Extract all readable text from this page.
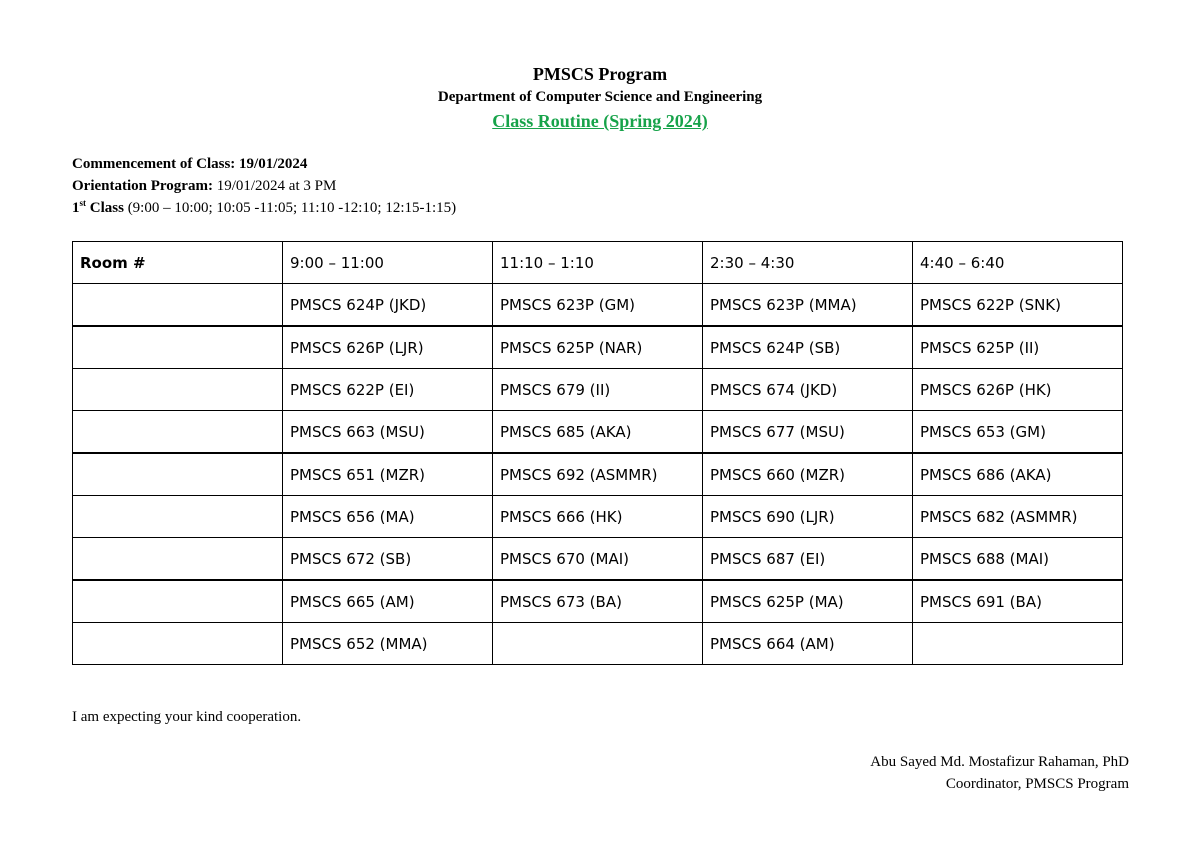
PMSCS Program
Department of Computer Science and Engineering
Class Routine (Spring 2024)
Commencement of Class: 19/01/2024
Orientation Program: 19/01/2024 at 3 PM
1st Class (9:00 – 10:00; 10:05 -11:05; 11:10 -12:10; 12:15-1:15)
Room #	9:00 – 11:00	11:10 – 1:10	2:30 – 4:30	4:40 – 6:40
	PMSCS 624P (JKD)	PMSCS 623P (GM)	PMSCS 623P (MMA)	PMSCS 622P (SNK)
	PMSCS 626P (LJR)	PMSCS 625P (NAR)	PMSCS 624P (SB)	PMSCS 625P (II)
	PMSCS 622P (EI)	PMSCS 679 (II)	PMSCS 674 (JKD)	PMSCS 626P (HK)
	PMSCS 663 (MSU)	PMSCS 685 (AKA)	PMSCS 677 (MSU)	PMSCS 653 (GM)
	PMSCS 651 (MZR)	PMSCS 692 (ASMMR)	PMSCS 660 (MZR)	PMSCS 686 (AKA)
	PMSCS 656 (MA)	PMSCS 666 (HK)	PMSCS 690 (LJR)	PMSCS 682 (ASMMR)
	PMSCS 672 (SB)	PMSCS 670 (MAI)	PMSCS 687 (EI)	PMSCS 688 (MAI)
	PMSCS 665 (AM)	PMSCS 673 (BA)	PMSCS 625P (MA)	PMSCS 691 (BA)
	PMSCS 652 (MMA)		PMSCS 664 (AM)	
I am expecting your kind cooperation.
Abu Sayed Md. Mostafizur Rahaman, PhD
Coordinator, PMSCS Program
